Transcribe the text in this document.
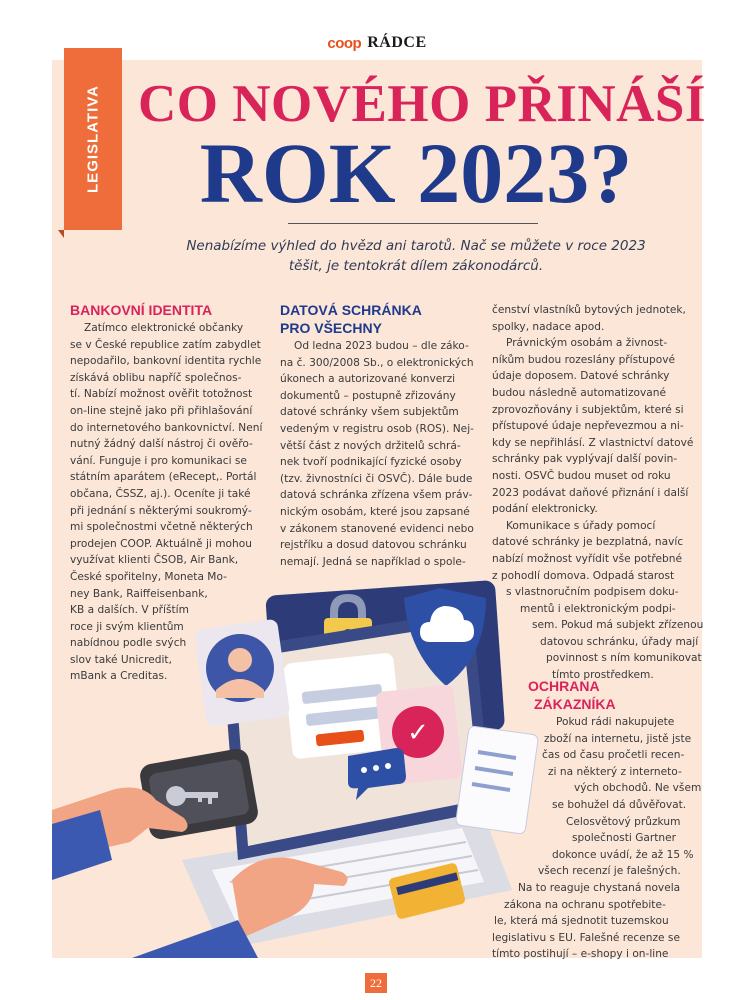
coop RÁDCE
LEGISLATIVA CO NOVÉHO PŘINÁŠÍ
ROK 2023?
Nenabízíme výhled do hvězd ani tarotů. Nač se můžete v roce 2023
těšit, je tentokrát dílem zákonodárců.
BANKOVNÍ IDENTITA

Zatímco elektronické občanky

se v České republice zatím zabydlet

nepodařilo, bankovní identita rychle

získává oblibu napříč společnos-

tí. Nabízí možnost ověřit totožnost

on-line stejně jako při přihlašování

do internetového bankovnictví. Není

nutný žádný další nástroj či ověřo-

vání. Funguje i pro komunikaci se

státním aparátem (eRecept,. Portál

občana, ČSSZ, aj.). Oceníte ji také

při jednání s některými soukromý-

mi společnostmi včetně některých

prodejen COOP. Aktuálně ji mohou

využívat klienti ČSOB, Air Bank,

České spořitelny, Moneta Mo-

ney Bank, Raiffeisenbank,

KB a dalších. V příštím

roce ji svým klientům

nabídnou podle svých

slov také Unicredit,

mBank a Creditas.

DATOVÁ SCHRÁNKA
PRO VŠECHNY

Od ledna 2023 budou – dle záko-

na č. 300/2008 Sb., o elektronických

úkonech a autorizované konverzi

dokumentů – postupně zřizovány

datové schránky všem subjektům

vedeným v registru osob (ROS). Nej-

větší část z nových držitelů schrá-

nek tvoří podnikající fyzické osoby

(tzv. živnostníci či OSVČ). Dále bude

datová schránka zřízena všem práv-

nickým osobám, které jsou zapsané

v zákonem stanovené evidenci nebo

rejstříku a dosud datovou schránku

nemají. Jedná se například o spole-

čenství vlastníků bytových jednotek,

spolky, nadace apod.

Právnickým osobám a živnost-

níkům budou rozeslány přístupové

údaje doposem. Datové schránky

budou následně automatizované

zprovozňovány i subjektům, které si

přístupové údaje nepřevezmou a ni-

kdy se nepřihlásí. Z vlastnictví datové

schránky pak vyplývají další povin-

nosti. OSVČ budou muset od roku

2023 podávat daňové přiznání i další

podání elektronicky.

Komunikace s úřady pomocí

datové schránky je bezplatná, navíc

nabízí možnost vyřídit vše potřebné

z pohodlí domova. Odpadá starost

s vlastnoručním podpisem doku-

mentů i elektronickým podpi-

sem. Pokud má subjekt zřízenou

datovou schránku, úřady mají

povinnost s ním komunikovat

tímto prostředkem.

OCHRANA
ZÁKAZNÍKA

Pokud rádi nakupujete

zboží na internetu, jistě jste

čas od času pročetli recen-

zi na některý z interneto-

vých obchodů. Ne všem

se bohužel dá důvěřovat.

Celosvětový průzkum

společnosti Gartner

dokonce uvádí, že až 15 %

všech recenzí je falešných.

Na to reaguje chystaná novela

zákona na ochranu spotřebite-

le, která má sjednotit tuzemskou

legislativu s EU. Falešné recenze se

tímto postihují – e-shopy i on-line

✓
22
